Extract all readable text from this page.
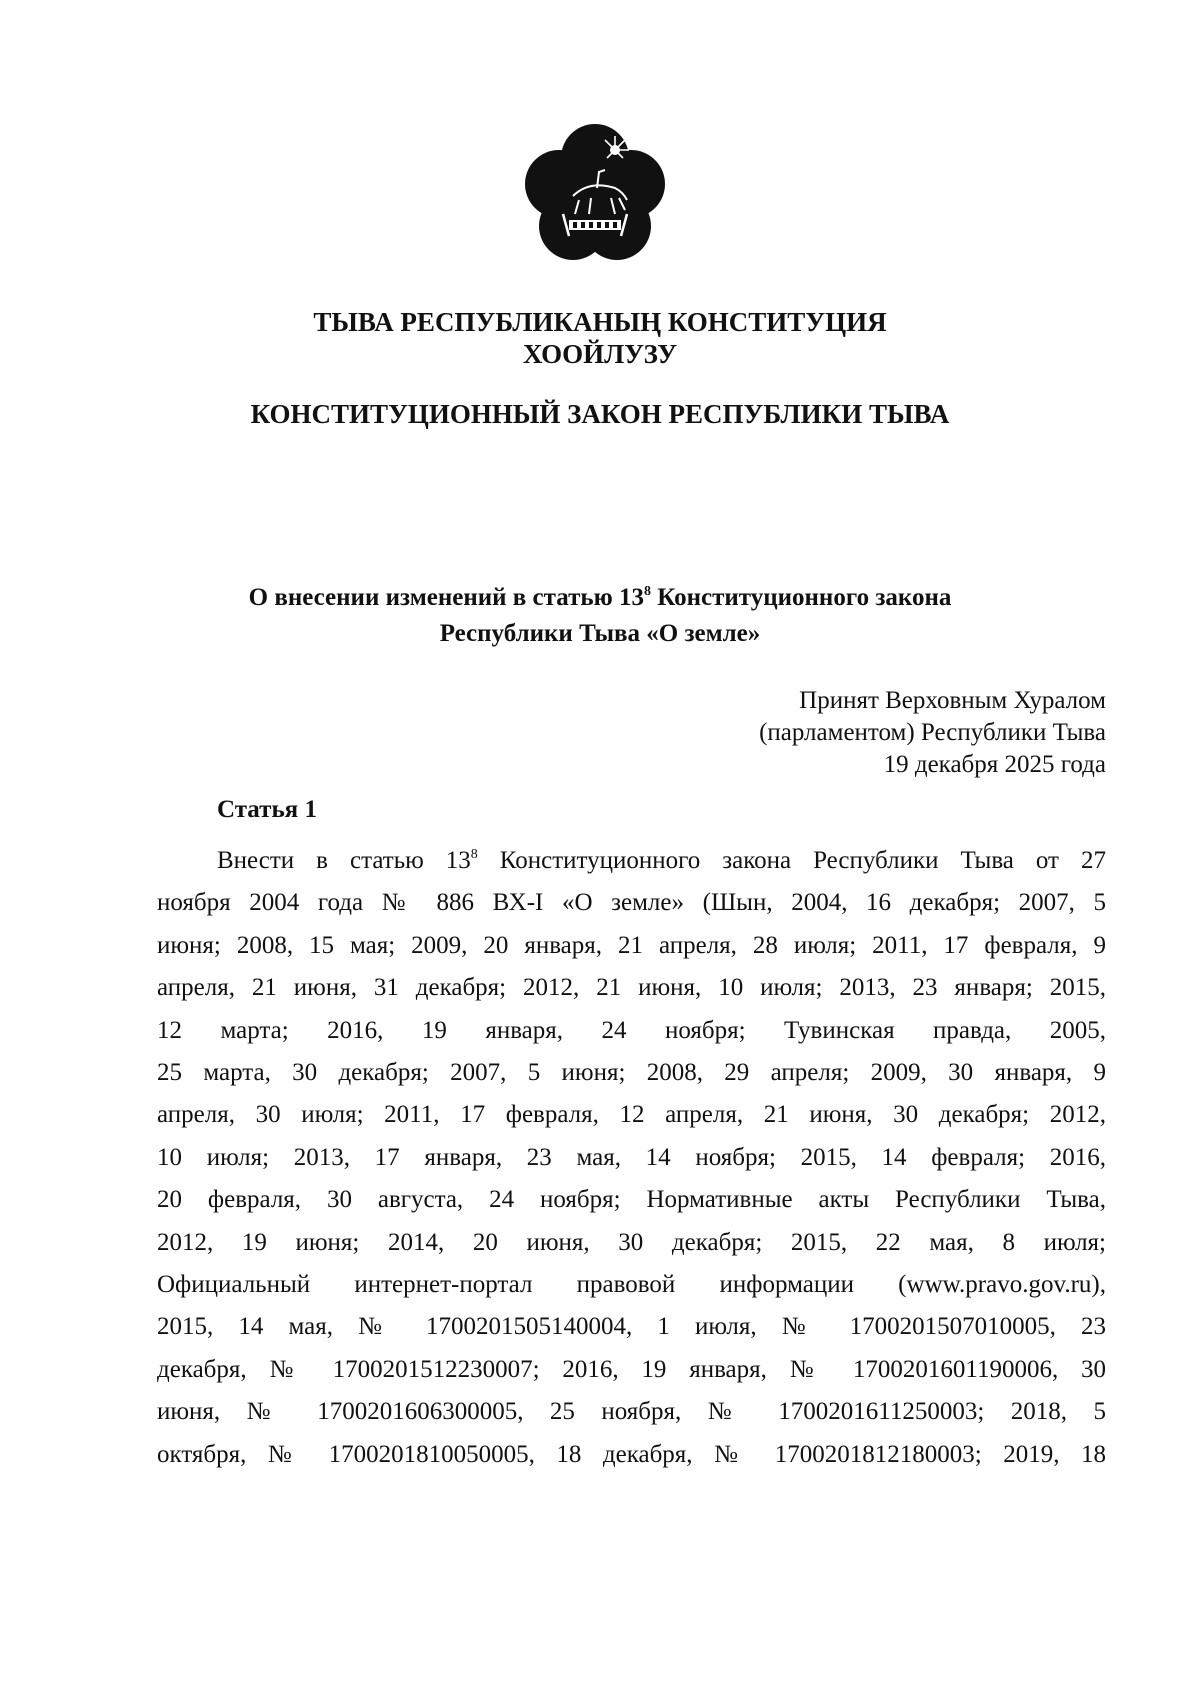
ТЫВА РЕСПУБЛИКАНЫҢ КОНСТИТУЦИЯ
ХООЙЛУЗУ
КОНСТИТУЦИОННЫЙ ЗАКОН РЕСПУБЛИКИ ТЫВА
О внесении изменений в статью $13^8$ Конституционного закона
Республики Тыва «О земле»
Принят Верховным Хуралом
(парламентом) Республики Тыва
19 декабря 2025 года
Статья 1
Внести в статью $13^8$ Конституционного закона Республики Тыва от 27
ноября 2004 года № 886 ВХ-I «О земле» (Шын, 2004, 16 декабря; 2007, 5
июня; 2008, 15 мая; 2009, 20 января, 21 апреля, 28 июля; 2011, 17 февраля, 9
апреля, 21 июня, 31 декабря; 2012, 21 июня, 10 июля; 2013, 23 января; 2015,
12 марта; 2016, 19 января, 24 ноября; Тувинская правда, 2005,
25 марта, 30 декабря; 2007, 5 июня; 2008, 29 апреля; 2009, 30 января, 9
апреля, 30 июля; 2011, 17 февраля, 12 апреля, 21 июня, 30 декабря; 2012,
10 июля; 2013, 17 января, 23 мая, 14 ноября; 2015, 14 февраля; 2016,
20 февраля, 30 августа, 24 ноября; Нормативные акты Республики Тыва,
2012, 19 июня; 2014, 20 июня, 30 декабря; 2015, 22 мая, 8 июля;
Официальный интернет-портал правовой информации (www.pravo.gov.ru),
2015, 14 мая, № 1700201505140004, 1 июля, № 1700201507010005, 23
декабря, № 1700201512230007; 2016, 19 января, № 1700201601190006, 30
июня, № 1700201606300005, 25 ноября, № 1700201611250003; 2018, 5
октября, № 1700201810050005, 18 декабря, № 1700201812180003; 2019, 18
